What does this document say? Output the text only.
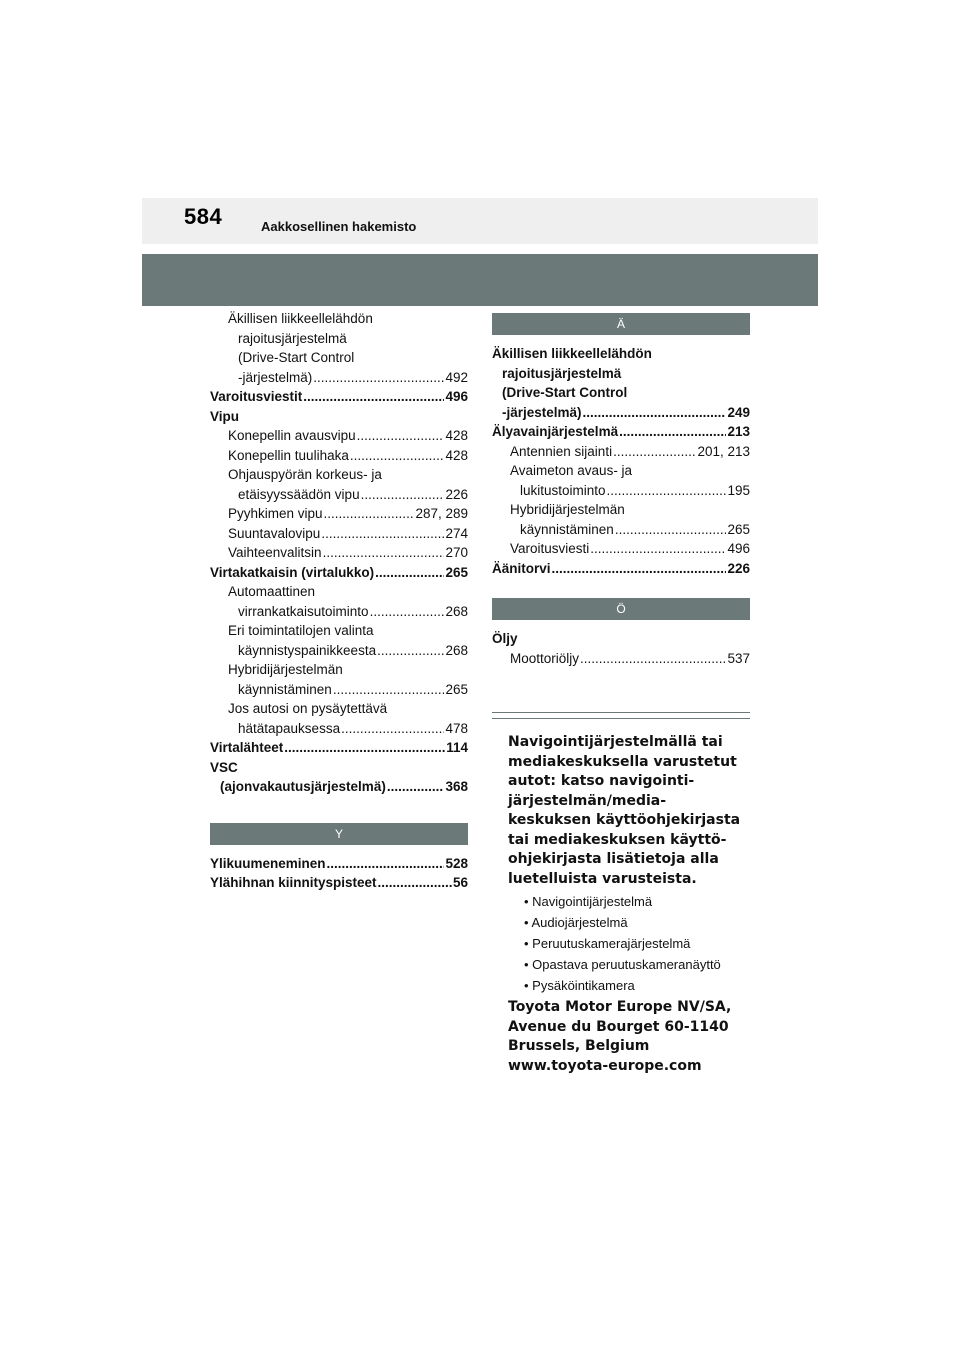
584	Aakkosellinen hakemisto
Äkillisen liikkeellelähdön
rajoitusjärjestelmä
(Drive-Start Control
-järjestelmä) .....	492
Varoitusviestit .....	496
Vipu
Konepellin avausvipu .....	428
Konepellin tuulihaka .....	428
Ohjauspyörän korkeus- ja
etäisyyssäädön vipu .....	226
Pyyhkimen vipu .....	287, 289
Suuntavalovipu .....	274
Vaihteenvalitsin .....	270
Virtakatkaisin (virtalukko) .....	265
Automaattinen
virrankatkaisutoiminto .....	268
Eri toimintatilojen valinta
käynnistyspainikkeesta .....	268
Hybridijärjestelmän
käynnistäminen .....	265
Jos autosi on pysäytettävä
hätätapauksessa .....	478
Virtalähteet .....	114
VSC
(ajonvakautusjärjestelmä) .....	368
Y
Ylikuumeneminen .....	528
Ylähihnan kiinnityspisteet .....	56
Ä
Äkillisen liikkeellelähdön
rajoitusjärjestelmä
(Drive-Start Control
-järjestelmä) .....	249
Älyavainjärjestelmä .....	213
Antennien sijainti .....	201, 213
Avaimeton avaus- ja
lukitustoiminto .....	195
Hybridijärjestelmän
käynnistäminen .....	265
Varoitusviesti .....	496
Äänitorvi .....	226
Ö
Öljy
Moottoriöljy .....	537
Navigointijärjestelmällä tai
mediakeskuksella varustetut
autot: katso navigointi-
järjestelmän/media-
keskuksen käyttöohjekirjasta
tai mediakeskuksen käyttö-
ohjekirjasta lisätietoja alla
luetelluista varusteista.
• Navigointijärjestelmä
• Audiojärjestelmä
• Peruutuskamerajärjestelmä
• Opastava peruutuskameranäyttö
• Pysäköintikamera
Toyota Motor Europe NV/SA,
Avenue du Bourget 60-1140
Brussels, Belgium
www.toyota-europe.com
